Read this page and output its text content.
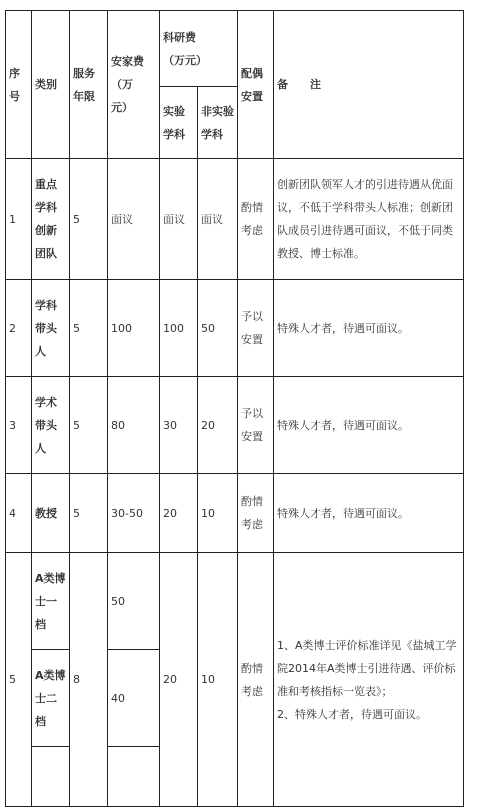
序
号	类别	服务
年限	安家费
（万
元）	科研费
（万元）		配偶
安置	备　　注
				实验
学科	非实验
学科		
1	重点
学科
创新
团队	5	面议	面议	面议	酌情
考虑	创新团队领军人才的引进待遇从优面议，不低于学科带头人标准；创新团队成员引进待遇可面议，不低于同类教授、博士标准。
2	学科
带头
人	5	100	100	50	予以
安置	特殊人才者，待遇可面议。
3	学术
带头
人	5	80	30	20	予以
安置	特殊人才者，待遇可面议。
4	教授	5	30-50	20	10	酌情
考虑	特殊人才者，待遇可面议。
5	A类博
士一
档	8	50	20	10	酌情
考虑	1、A类博士评价标准详见《盐城工学院2014年A类博士引进待遇、评价标准和考核指标一览表》；
2、特殊人才者，待遇可面议。
	A类博
士二
档		40				
